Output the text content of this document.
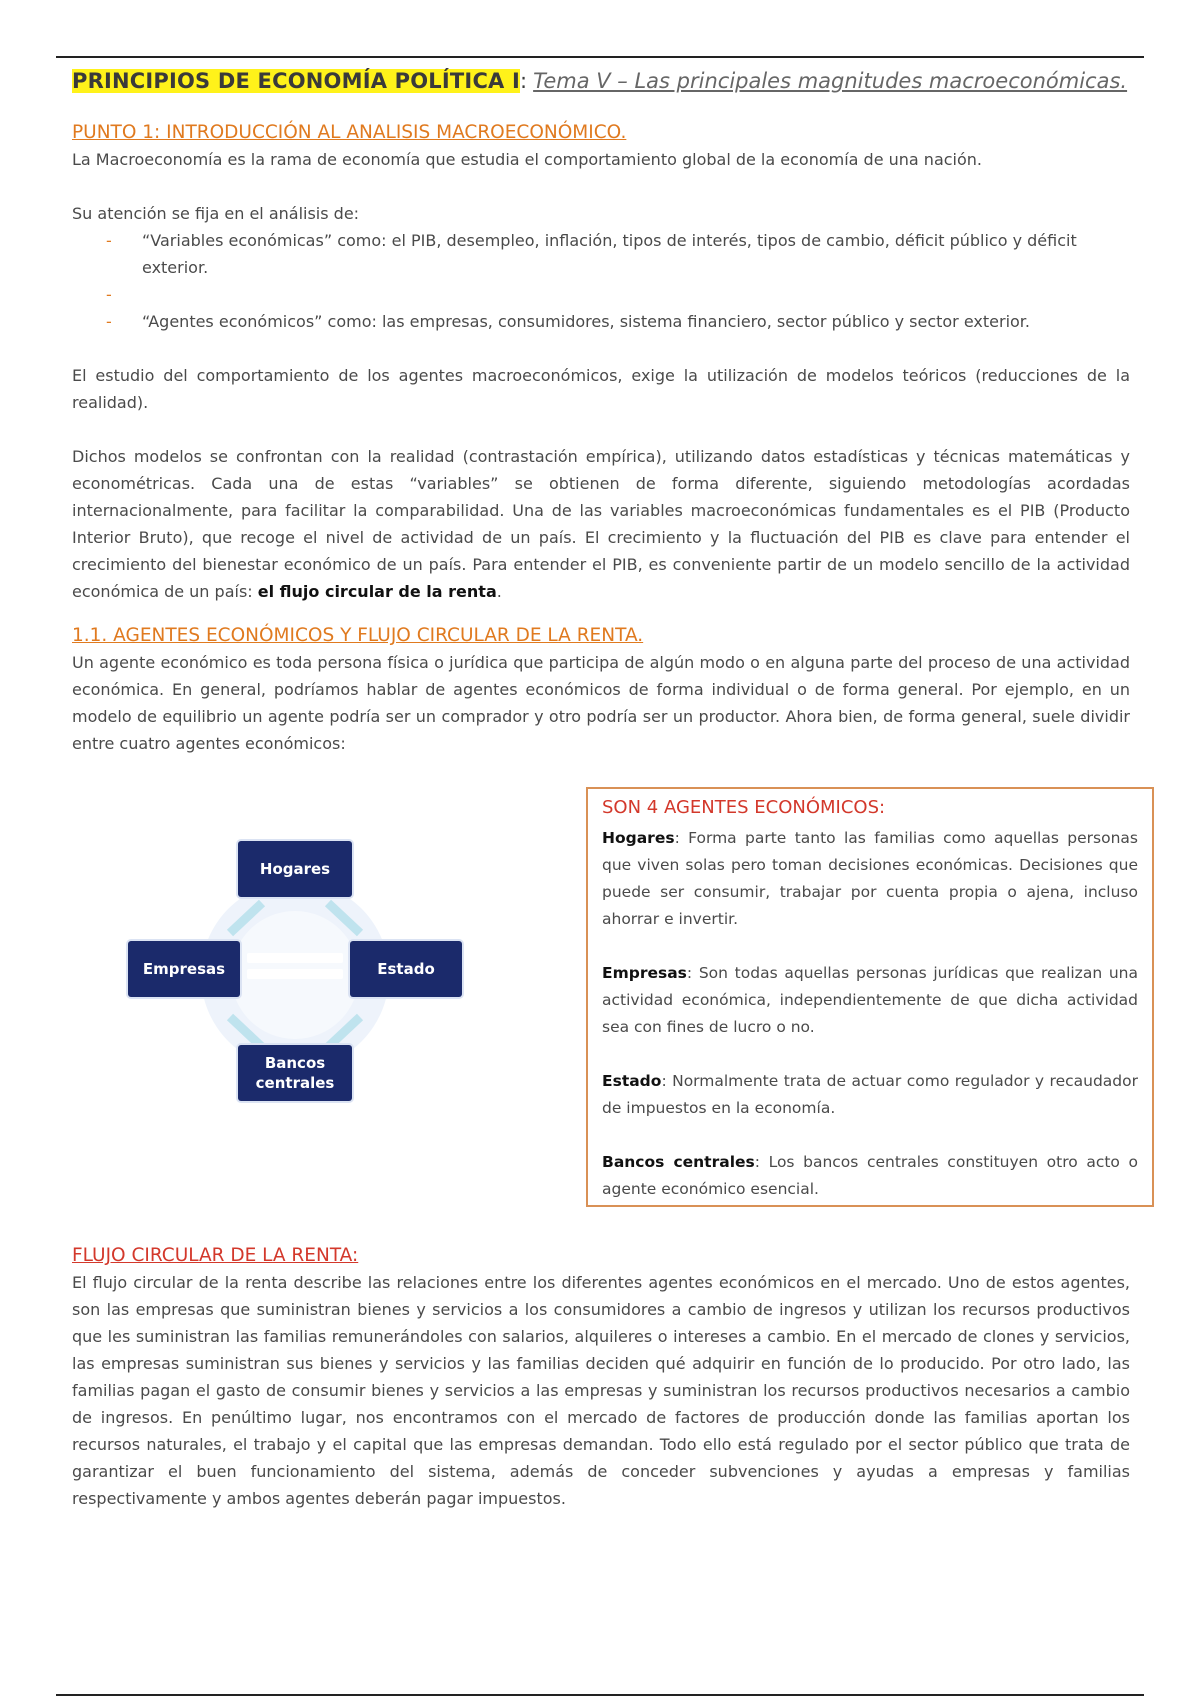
PRINCIPIOS DE ECONOMÍA POLÍTICA I: Tema V – Las principales magnitudes macroeconómicas.
PUNTO 1: INTRODUCCIÓN AL ANALISIS MACROECONÓMICO.

La Macroeconomía es la rama de economía que estudia el comportamiento global de la economía de una nación.

Su atención se fija en el análisis de:

- “Variables económicas” como: el PIB, desempleo, inflación, tipos de interés, tipos de cambio, déficit público y déficit exterior.
-
- “Agentes económicos” como: las empresas, consumidores, sistema financiero, sector público y sector exterior.

El estudio del comportamiento de los agentes macroeconómicos, exige la utilización de modelos teóricos (reducciones de la realidad).

Dichos modelos se confrontan con la realidad (contrastación empírica), utilizando datos estadísticas y técnicas matemáticas y econométricas. Cada una de estas “variables” se obtienen de forma diferente, siguiendo metodologías acordadas internacionalmente, para facilitar la comparabilidad. Una de las variables macroeconómicas fundamentales es el PIB (Producto Interior Bruto), que recoge el nivel de actividad de un país. El crecimiento y la fluctuación del PIB es clave para entender el crecimiento del bienestar económico de un país. Para entender el PIB, es conveniente partir de un modelo sencillo de la actividad económica de un país: el flujo circular de la renta.

1.1. AGENTES ECONÓMICOS Y FLUJO CIRCULAR DE LA RENTA.

Un agente económico es toda persona física o jurídica que participa de algún modo o en alguna parte del proceso de una actividad económica. En general, podríamos hablar de agentes económicos de forma individual o de forma general. Por ejemplo, en un modelo de equilibrio un agente podría ser un comprador y otro podría ser un productor. Ahora bien, de forma general, suele dividir entre cuatro agentes económicos:

Hogares
Empresas	Estado
Bancos centrales
SON 4 AGENTES ECONÓMICOS:

Hogares: Forma parte tanto las familias como aquellas personas que viven solas pero toman decisiones económicas. Decisiones que puede ser consumir, trabajar por cuenta propia o ajena, incluso ahorrar e invertir.

Empresas: Son todas aquellas personas jurídicas que realizan una actividad económica, independientemente de que dicha actividad sea con fines de lucro o no.

Estado: Normalmente trata de actuar como regulador y recaudador de impuestos en la economía.

Bancos centrales: Los bancos centrales constituyen otro acto o agente económico esencial.

FLUJO CIRCULAR DE LA RENTA:

El flujo circular de la renta describe las relaciones entre los diferentes agentes económicos en el mercado. Uno de estos agentes, son las empresas que suministran bienes y servicios a los consumidores a cambio de ingresos y utilizan los recursos productivos que les suministran las familias remunerándoles con salarios, alquileres o intereses a cambio. En el mercado de clones y servicios, las empresas suministran sus bienes y servicios y las familias deciden qué adquirir en función de lo producido. Por otro lado, las familias pagan el gasto de consumir bienes y servicios a las empresas y suministran los recursos productivos necesarios a cambio de ingresos. En penúltimo lugar, nos encontramos con el mercado de factores de producción donde las familias aportan los recursos naturales, el trabajo y el capital que las empresas demandan. Todo ello está regulado por el sector público que trata de garantizar el buen funcionamiento del sistema, además de conceder subvenciones y ayudas a empresas y familias respectivamente y ambos agentes deberán pagar impuestos.
